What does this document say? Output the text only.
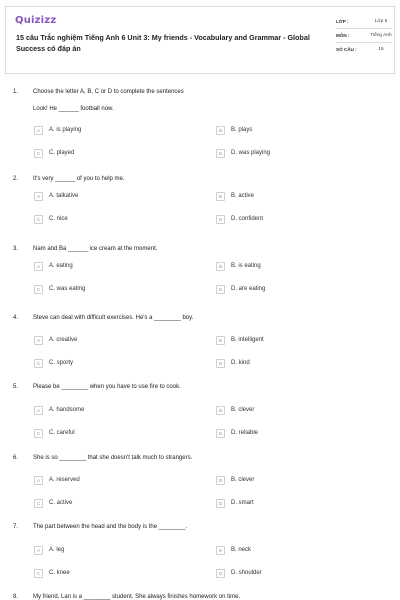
Quizizz
15 câu Trắc nghiệm Tiếng Anh 6 Unit 3: My friends - Vocabulary and Grammar - Global Success có đáp án
LỚP :	Lớp 6
MÔN :	Tiếng Anh
SỐ CÂU :	15
1. Choose the letter A, B, C or D to complete the sentences
Look! He ______ football now.
A	A. is playing	B	B. plays
C	C. played	D	D. was playing
2. It's very ______ of you to help me.
A	A. talkative	B	B. active
C	C. nice	D	D. confident
3. Nam and Ba ______ ice cream at the moment.
A	A. eating	B	B. is eating
C	C. was eating	D	D. are eating
4. Steve can deal with difficult exercises. He's a ________ boy.
A	A. creative	B	B. intelligent
C	C. sporty	D	D. kind
5. Please be ________ when you have to use fire to cook.
A	A. handsome	B	B. clever
C	C. careful	D	D. reliable
6. She is so ________ that she doesn't talk much to strangers.
A	A. reserved	B	B. clever
C	C. active	D	D. smart
7. The part between the head and the body is the ________.
A	A. leg	B	B. neck
C	C. knee	D	D. shoulder
8. My friend, Lan is a ________ student. She always finishes homework on time.
